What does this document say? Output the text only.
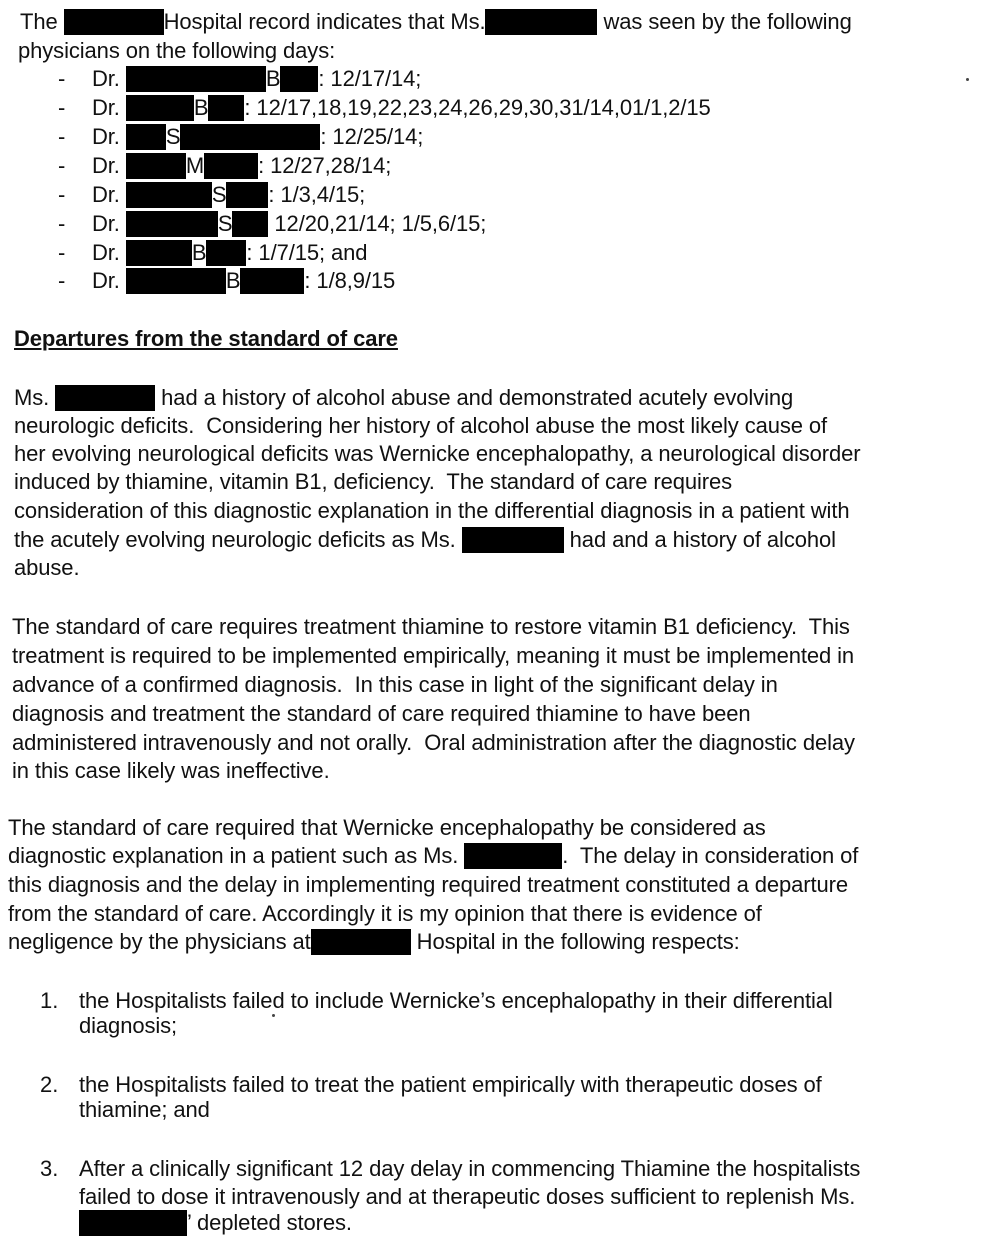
The	Hospital record indicates that Ms.	was seen by the following
physicians on the following days:
- Dr.	B : 12/17/14;
- Dr.	B : 12/17,18,19,22,23,24,26,29,30,31/14,01/1,2/15
- Dr. S	: 12/25/14;
- Dr.	M : 12/27,28/14;
- Dr.	S : 1/3,4/15;
- Dr.	S 12/20,21/14; 1/5,6/15;
- Dr.	B : 1/7/15; and
- Dr.	B	: 1/8,9/15
Departures from the standard of care
Ms.	had a history of alcohol abuse and demonstrated acutely evolving
neurologic deficits.  Considering her history of alcohol abuse the most likely cause of
her evolving neurological deficits was Wernicke encephalopathy, a neurological disorder
induced by thiamine, vitamin B1, deficiency.  The standard of care requires
consideration of this diagnostic explanation in the differential diagnosis in a patient with
the acutely evolving neurologic deficits as Ms.	had and a history of alcohol
abuse.
The standard of care requires treatment thiamine to restore vitamin B1 deficiency.  This
treatment is required to be implemented empirically, meaning it must be implemented in
advance of a confirmed diagnosis.  In this case in light of the significant delay in
diagnosis and treatment the standard of care required thiamine to have been
administered intravenously and not orally.  Oral administration after the diagnostic delay
in this case likely was ineffective.
The standard of care required that Wernicke encephalopathy be considered as
diagnostic explanation in a patient such as Ms.	.  The delay in consideration of
this diagnosis and the delay in implementing required treatment constituted a departure
from the standard of care. Accordingly it is my opinion that there is evidence of
negligence by the physicians at	Hospital in the following respects:
1. the Hospitalists failed to include Wernicke’s encephalopathy in their differential
diagnosis;
2. the Hospitalists failed to treat the patient empirically with therapeutic doses of
thiamine; and
3. After a clinically significant 12 day delay in commencing Thiamine the hospitalists
failed to dose it intravenously and at therapeutic doses sufficient to replenish Ms.
’ depleted stores.
